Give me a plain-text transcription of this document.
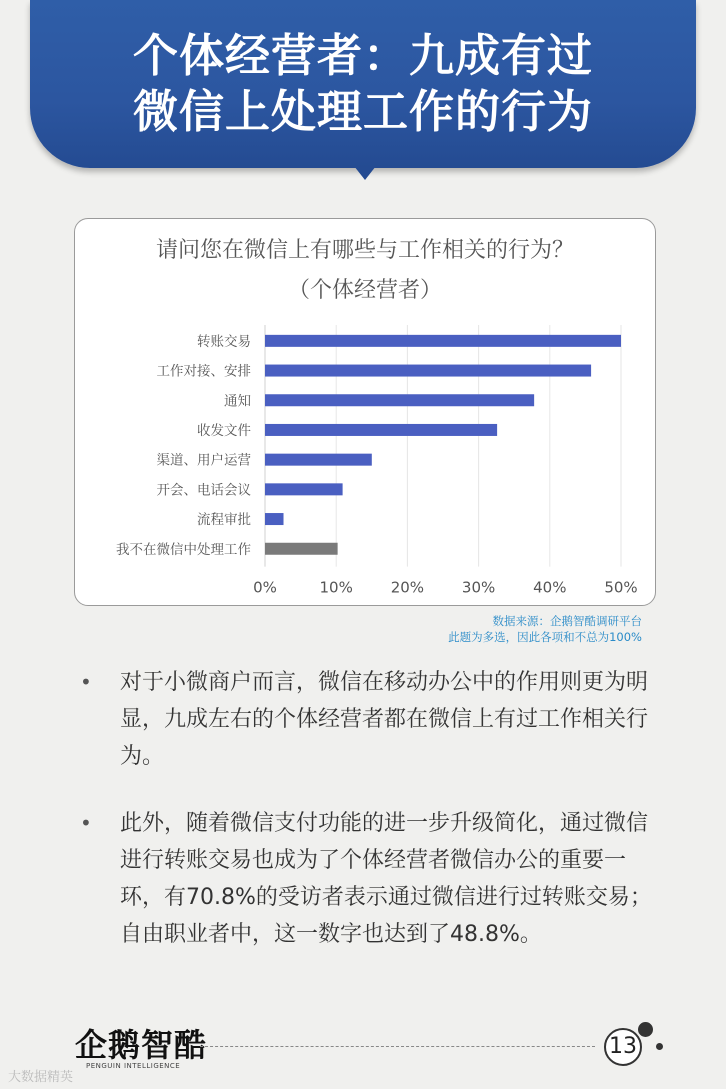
个体经营者：九成有过
微信上处理工作的行为
请问您在微信上有哪些与工作相关的行为？（个体经营者）
0%	10%	20%	30%	40%	50%
转账交易
工作对接、安排
通知
收发文件
渠道、用户运营
开会、电话会议
流程审批
我不在微信中处理工作
数据来源：企鹅智酷调研平台
此题为多选，因此各项和不总为100%
•	对于小微商户而言，微信在移动办公中的作用则更为明显，九成左右的个体经营者都在微信上有过工作相关行为。
•	此外，随着微信支付功能的进一步升级简化，通过微信进行转账交易也成为了个体经营者微信办公的重要一环，有70.8%的受访者表示通过微信进行过转账交易；自由职业者中，这一数字也达到了48.8%。
企鹅智酷
PENGUIN INTELLIGENCE
13
大数据精英
